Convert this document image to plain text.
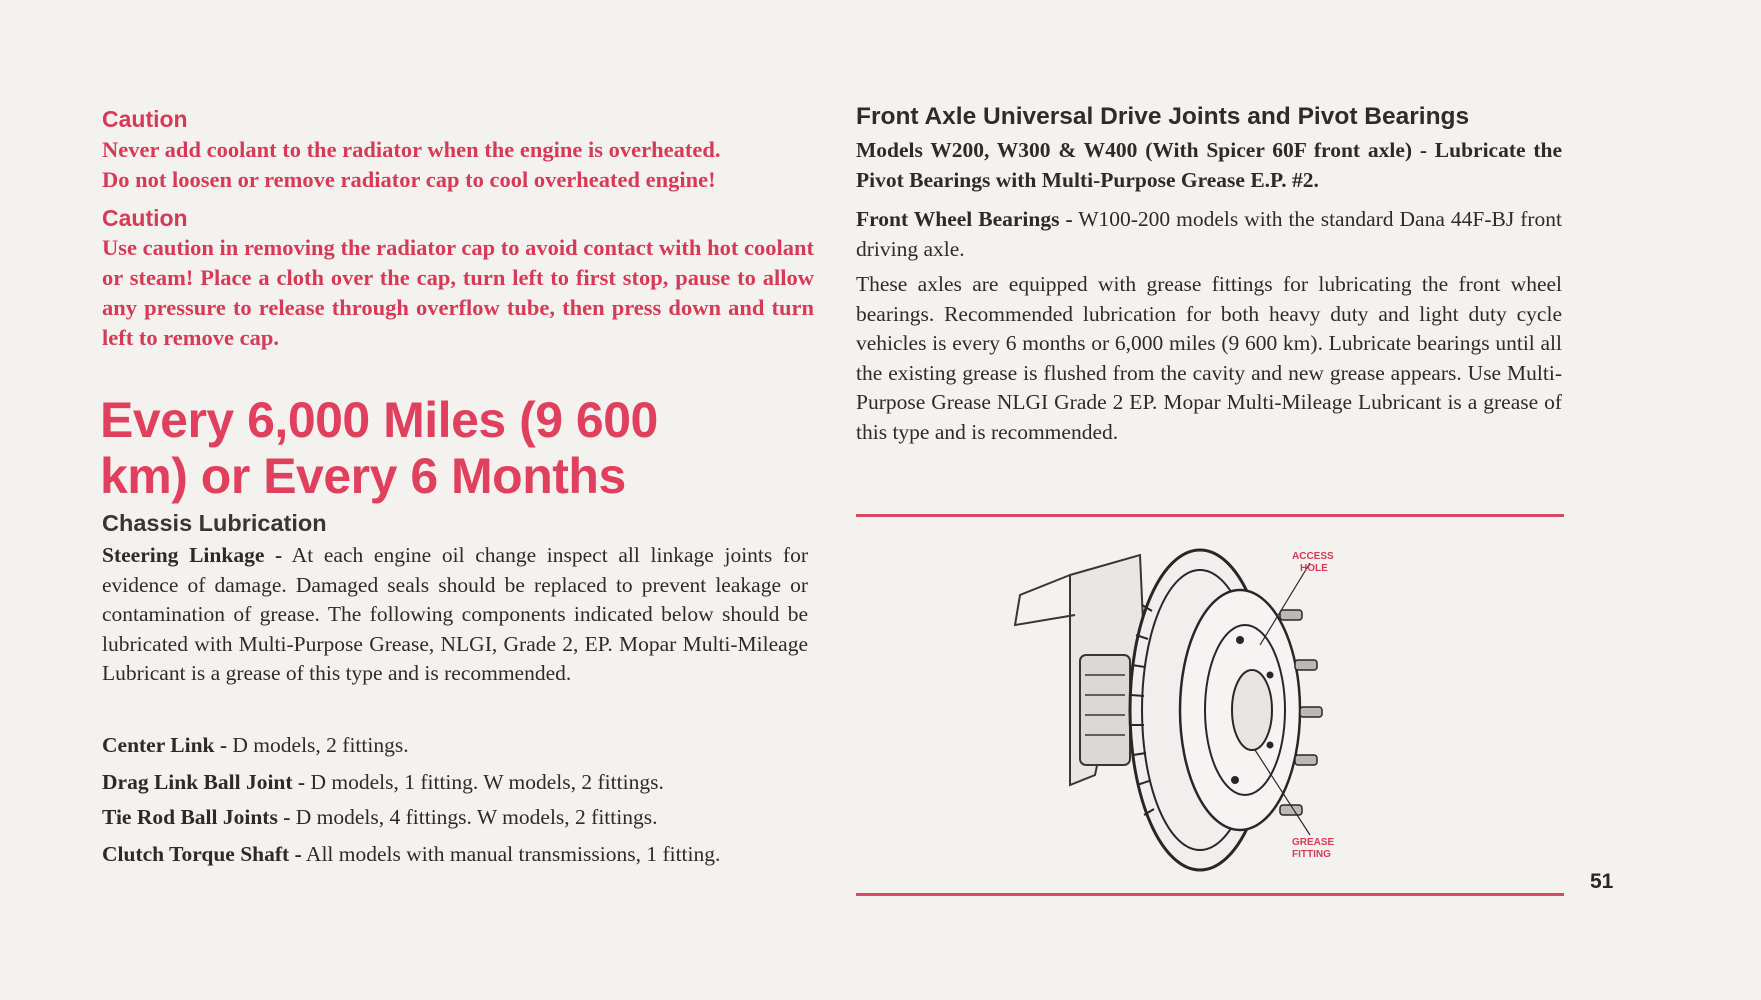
Caution
Never add coolant to the radiator when the engine is overheated.
Do not loosen or remove radiator cap to cool overheated engine!
Caution
Use caution in removing the radiator cap to avoid contact with hot coolant or steam! Place a cloth over the cap, turn left to first stop, pause to allow any pressure to release through overflow tube, then press down and turn left to remove cap.
Every 6,000 Miles (9 600 km) or Every 6 Months
Chassis Lubrication
Steering Linkage - At each engine oil change inspect all linkage joints for evidence of damage. Damaged seals should be replaced to prevent leakage or contamination of grease. The following components indicated below should be lubricated with Multi-Purpose Grease, NLGI, Grade 2, EP. Mopar Multi-Mileage Lubricant is a grease of this type and is recommended.
Center Link - D models, 2 fittings.
Drag Link Ball Joint - D models, 1 fitting. W models, 2 fittings.
Tie Rod Ball Joints - D models, 4 fittings. W models, 2 fittings.
Clutch Torque Shaft - All models with manual transmissions, 1 fitting.
Front Axle Universal Drive Joints and Pivot Bearings
Models W200, W300 & W400 (With Spicer 60F front axle) - Lubricate the Pivot Bearings with Multi-Purpose Grease E.P. #2.
Front Wheel Bearings - W100-200 models with the standard Dana 44F-BJ front driving axle.
These axles are equipped with grease fittings for lubricating the front wheel bearings. Recommended lubrication for both heavy duty and light duty cycle vehicles is every 6 months or 6,000 miles (9 600 km). Lubricate bearings until all the existing grease is flushed from the cavity and new grease appears. Use Multi-Purpose Grease NLGI Grade 2 EP. Mopar Multi-Mileage Lubricant is a grease of this type and is recommended.
ACCESS
HOLE
GREASE
FITTING
51
